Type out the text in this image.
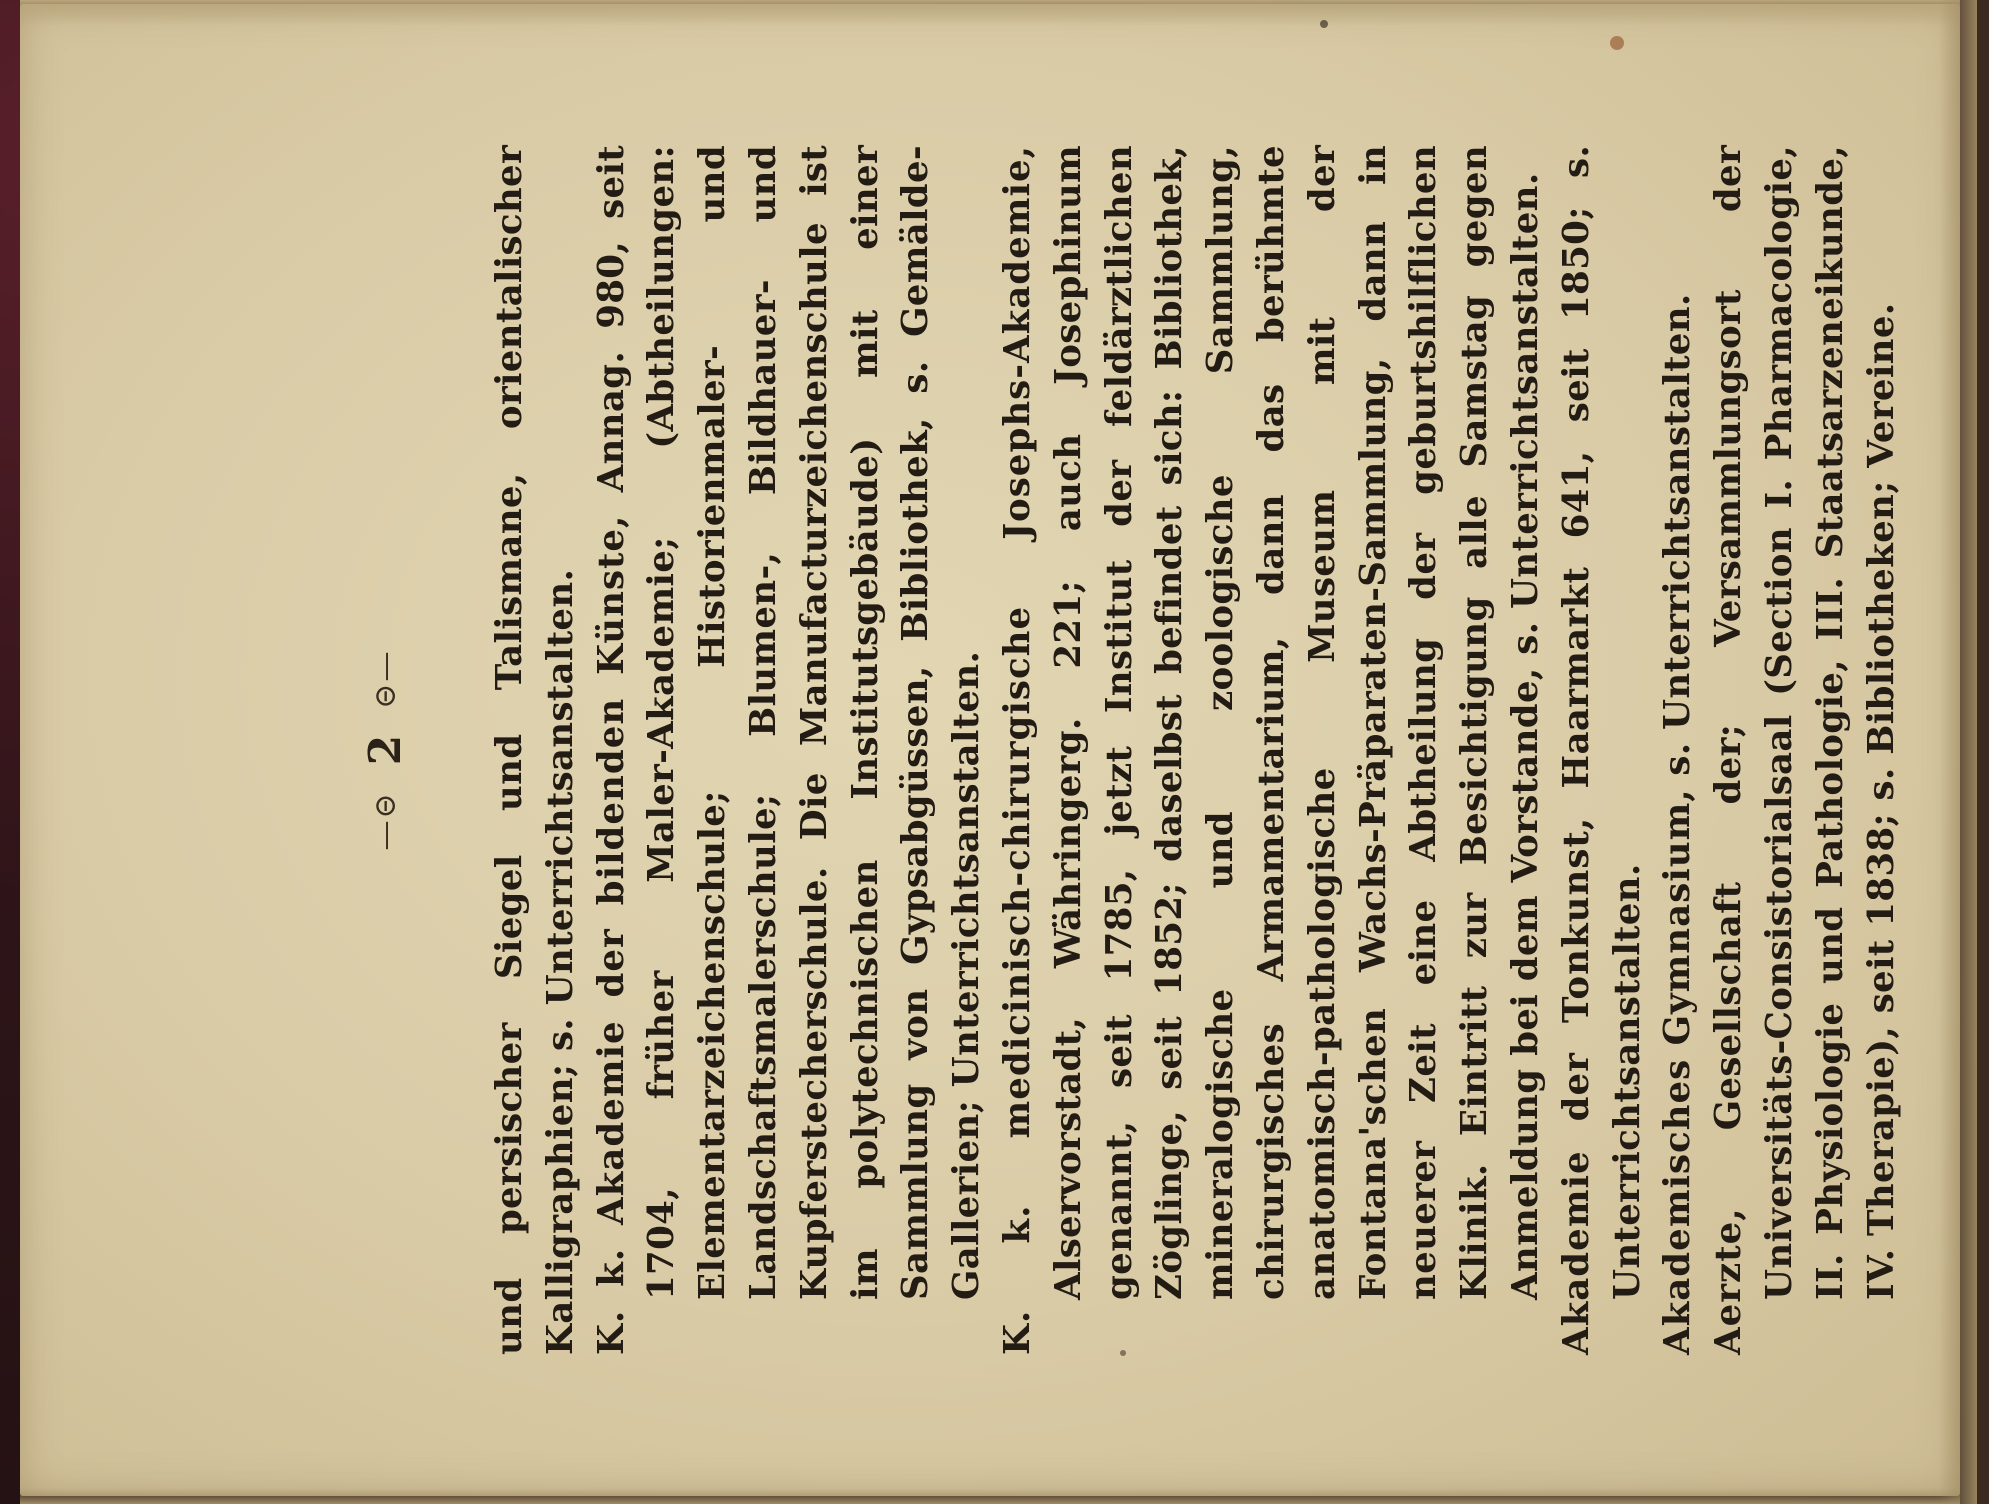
—⊝
2
⊝— und persischer Siegel und Talismane, orientalischer Kalligraphien; s. Unterrichtsanstalten. K. k. Akademie der bildenden Künste, Annag. 980, seit 1704, früher Maler-Akademie; (Abtheilungen: Elementarzeichenschule; Historienmaler- und Landschaftsmalerschule; Blumen-, Bildhauer- und Kupferstecherschule. Die Manufacturzeichenschule ist im polytechnischen Institutsgebäude) mit einer Sammlung von Gypsabgüssen, Bibliothek, s. Gemälde-Gallerien; Unterrichtsanstalten. K. k. medicinisch-chirurgische Josephs-Akademie, Alservorstadt, Währingerg. 221; auch Josephinum genannt, seit 1785, jetzt Institut der feldärztlichen Zöglinge, seit 1852; daselbst befindet sich: Bibliothek, mineralogische und zoologische Sammlung, chirurgisches Armamentarium, dann das berühmte anatomisch-pathologische Museum mit der Fontana'schen Wachs-Präparaten-Sammlung, dann in neuerer Zeit eine Abtheilung der geburtshilflichen Klinik. Eintritt zur Besichtigung alle Samstag gegen Anmeldung bei dem Vorstande, s. Unterrichtsanstalten. Akademie der Tonkunst, Haarmarkt 641, seit 1850; s. Unterrichtsanstalten. Akademisches Gymnasium, s. Unterrichtsanstalten.

Aerzte, Gesellschaft der; Versammlungsort der Universitäts-Consistorialsaal (Section I. Pharmacologie, II. Physiologie und Pathologie, III. Staatsarzeneikunde, IV. Therapie), seit 1838; s. Bibliotheken; Vereine.
